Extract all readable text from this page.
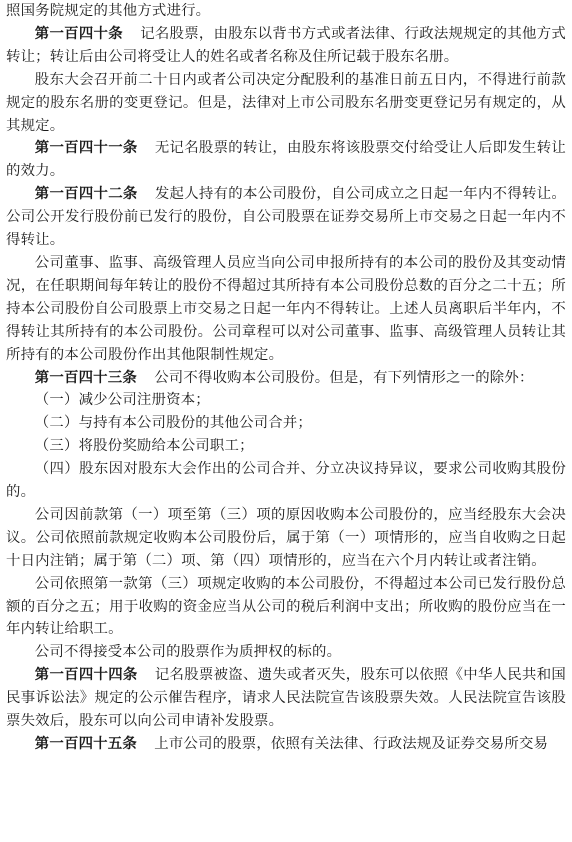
照国务院规定的其他方式进行。

第一百四十条 记名股票，由股东以背书方式或者法律、行政法规规定的其他方式转让；转让后由公司将受让人的姓名或者名称及住所记载于股东名册。

股东大会召开前二十日内或者公司决定分配股利的基准日前五日内，不得进行前款规定的股东名册的变更登记。但是，法律对上市公司股东名册变更登记另有规定的，从其规定。

第一百四十一条 无记名股票的转让，由股东将该股票交付给受让人后即发生转让的效力。

第一百四十二条 发起人持有的本公司股份，自公司成立之日起一年内不得转让。公司公开发行股份前已发行的股份，自公司股票在证券交易所上市交易之日起一年内不得转让。

公司董事、监事、高级管理人员应当向公司申报所持有的本公司的股份及其变动情况，在任职期间每年转让的股份不得超过其所持有本公司股份总数的百分之二十五；所持本公司股份自公司股票上市交易之日起一年内不得转让。上述人员离职后半年内，不得转让其所持有的本公司股份。公司章程可以对公司董事、监事、高级管理人员转让其所持有的本公司股份作出其他限制性规定。

第一百四十三条 公司不得收购本公司股份。但是，有下列情形之一的除外：

（一）减少公司注册资本；

（二）与持有本公司股份的其他公司合并；

（三）将股份奖励给本公司职工；

（四）股东因对股东大会作出的公司合并、分立决议持异议，要求公司收购其股份的。

公司因前款第（一）项至第（三）项的原因收购本公司股份的，应当经股东大会决议。公司依照前款规定收购本公司股份后，属于第（一）项情形的，应当自收购之日起十日内注销；属于第（二）项、第（四）项情形的，应当在六个月内转让或者注销。

公司依照第一款第（三）项规定收购的本公司股份，不得超过本公司已发行股份总额的百分之五；用于收购的资金应当从公司的税后利润中支出；所收购的股份应当在一年内转让给职工。

公司不得接受本公司的股票作为质押权的标的。

第一百四十四条 记名股票被盗、遗失或者灭失，股东可以依照《中华人民共和国民事诉讼法》规定的公示催告程序，请求人民法院宣告该股票失效。人民法院宣告该股票失效后，股东可以向公司申请补发股票。

第一百四十五条 上市公司的股票，依照有关法律、行政法规及证券交易所交易
